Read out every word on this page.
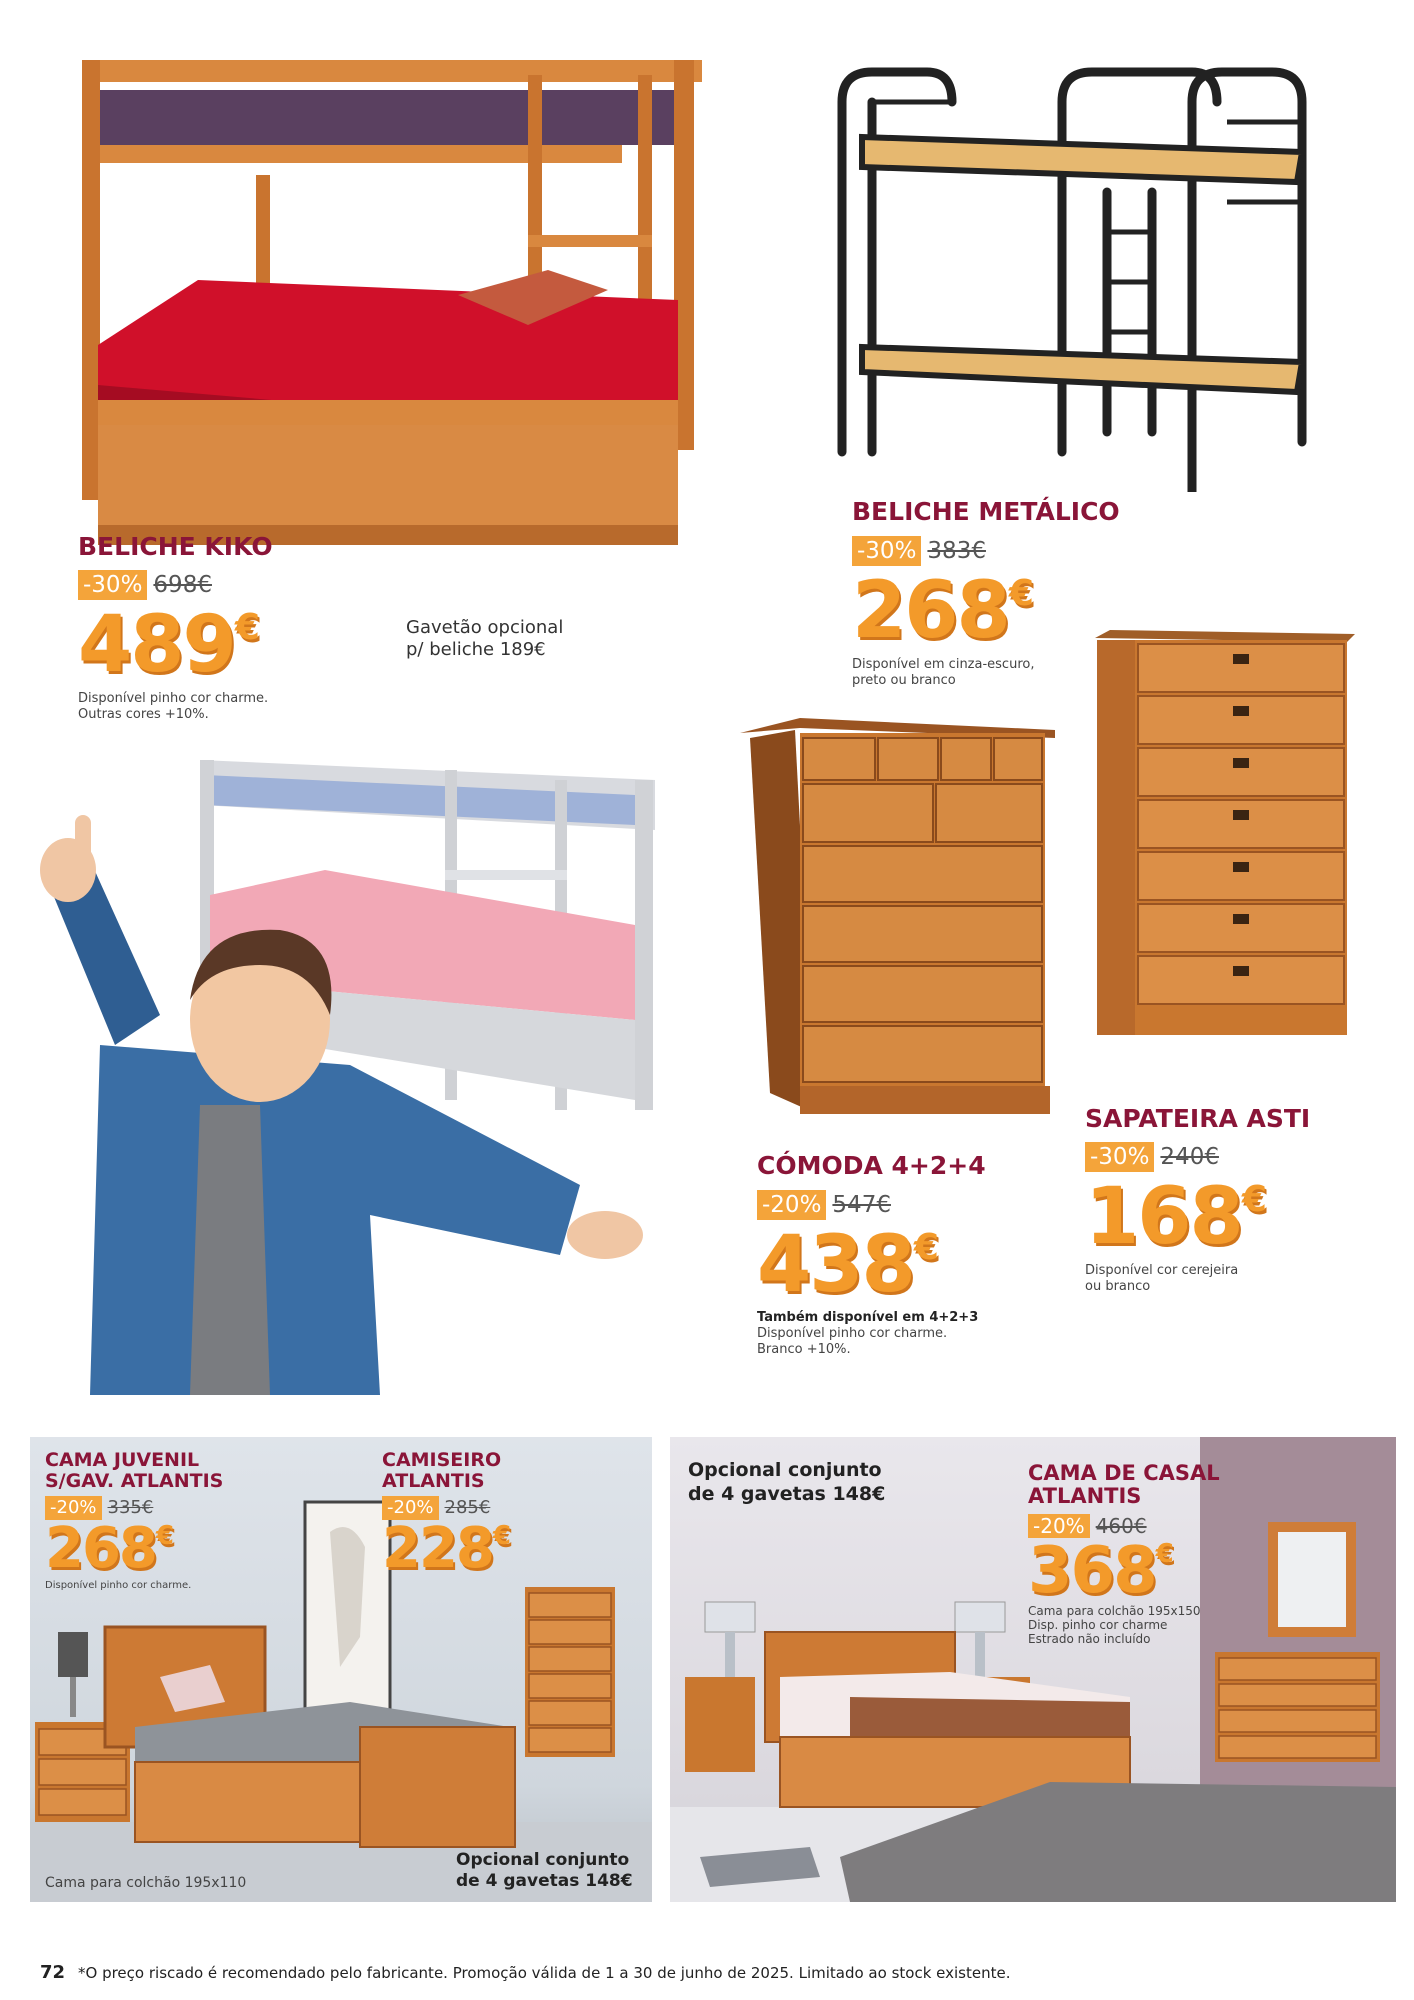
BELICHE KIKO
-30% 698€
489€
Disponível pinho cor charme.
Outras cores +10%.
Gavetão opcional
p/ beliche 189€
BELICHE METÁLICO
-30% 383€
268€
Disponível em cinza-escuro,
preto ou branco
CÓMODA 4+2+4
-20% 547€
438€
Também disponível em 4+2+3
Disponível pinho cor charme.
Branco +10%.
SAPATEIRA ASTI
-30% 240€
168€
Disponível cor cerejeira
ou branco
CAMA JUVENIL
S/GAV. ATLANTIS
-20% 335€
268€
Disponível pinho cor charme.
CAMISEIRO
ATLANTIS
-20% 285€
228€
Cama para colchão 195x110
Opcional conjunto
de 4 gavetas 148€
Opcional conjunto
de 4 gavetas 148€
CAMA DE CASAL
ATLANTIS
-20% 460€
368€
Cama para colchão 195x150
Disp. pinho cor charme
Estrado não incluído
72 *O preço riscado é recomendado pelo fabricante. Promoção válida de 1 a 30 de junho de 2025. Limitado ao stock existente.
